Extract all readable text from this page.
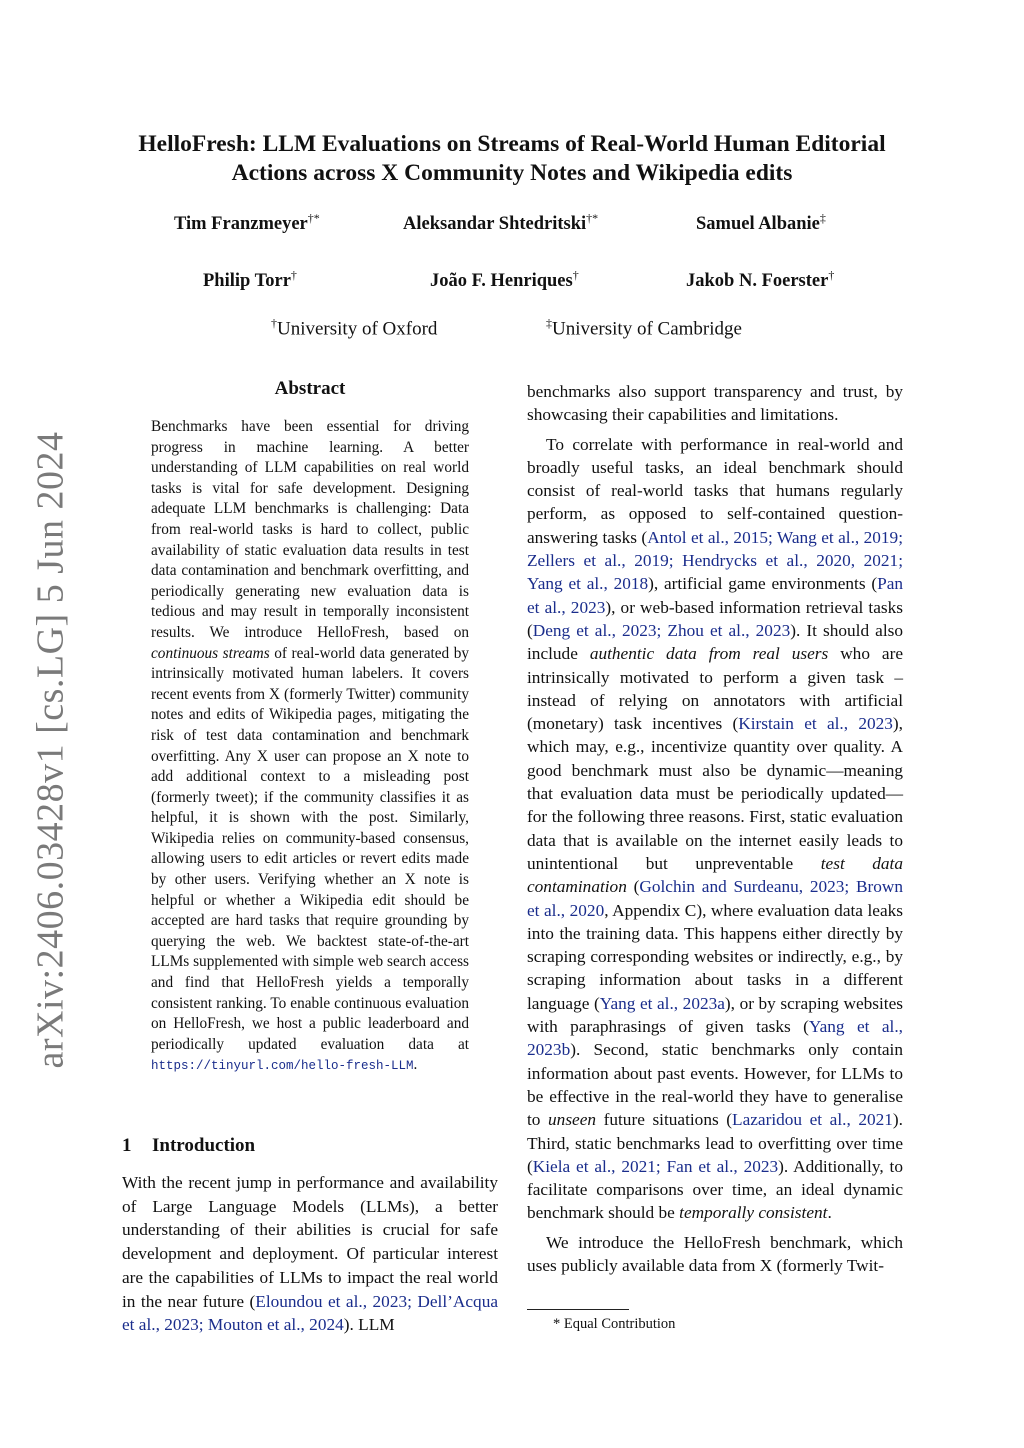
arXiv:2406.03428v1 [cs.LG] 5 Jun 2024
HelloFresh: LLM Evaluations on Streams of Real-World Human Editorial
Actions across X Community Notes and Wikipedia edits
Tim Franzmeyer†*	Aleksandar Shtedritski†*	Samuel Albanie‡
Philip Torr†	João F. Henriques†	Jakob N. Foerster†
†University of Oxford	‡University of Cambridge
Abstract
Benchmarks have been essential for driving progress in machine learning. A better understanding of LLM capabilities on real world tasks is vital for safe development. Designing adequate LLM benchmarks is challenging: Data from real-world tasks is hard to collect, public availability of static evaluation data results in test data contamination and benchmark overfitting, and periodically generating new evaluation data is tedious and may result in temporally inconsistent results. We introduce HelloFresh, based on continuous streams of real-world data generated by intrinsically motivated human labelers. It covers recent events from X (formerly Twitter) community notes and edits of Wikipedia pages, mitigating the risk of test data contamination and benchmark overfitting. Any X user can propose an X note to add additional context to a misleading post (formerly tweet); if the community classifies it as helpful, it is shown with the post. Similarly, Wikipedia relies on community-based consensus, allowing users to edit articles or revert edits made by other users. Verifying whether an X note is helpful or whether a Wikipedia edit should be accepted are hard tasks that require grounding by querying the web. We backtest state-of-the-art LLMs supplemented with simple web search access and find that HelloFresh yields a temporally consistent ranking. To enable continuous evaluation on HelloFresh, we host a public leaderboard and periodically updated evaluation data at https://tinyurl.com/hello-fresh-LLM.
1 Introduction
With the recent jump in performance and availability of Large Language Models (LLMs), a better understanding of their abilities is crucial for safe development and deployment. Of particular interest are the capabilities of LLMs to impact the real world in the near future (Eloundou et al., 2023; Dell’Acqua et al., 2023; Mouton et al., 2024). LLM

benchmarks also support transparency and trust, by showcasing their capabilities and limitations.

To correlate with performance in real-world and broadly useful tasks, an ideal benchmark should consist of real-world tasks that humans regularly perform, as opposed to self-contained question-answering tasks (Antol et al., 2015; Wang et al., 2019; Zellers et al., 2019; Hendrycks et al., 2020, 2021; Yang et al., 2018), artificial game environments (Pan et al., 2023), or web-based information retrieval tasks (Deng et al., 2023; Zhou et al., 2023). It should also include authentic data from real users who are intrinsically motivated to perform a given task – instead of relying on annotators with artificial (monetary) task incentives (Kirstain et al., 2023), which may, e.g., incentivize quantity over quality. A good benchmark must also be dynamic—meaning that evaluation data must be periodically updated—for the following three reasons. First, static evaluation data that is available on the internet easily leads to unintentional but unpreventable test data contamination (Golchin and Surdeanu, 2023; Brown et al., 2020, Appendix C), where evaluation data leaks into the training data. This happens either directly by scraping corresponding websites or indirectly, e.g., by scraping information about tasks in a different language (Yang et al., 2023a), or by scraping websites with paraphrasings of given tasks (Yang et al., 2023b). Second, static benchmarks only contain information about past events. However, for LLMs to be effective in the real-world they have to generalise to unseen future situations (Lazaridou et al., 2021). Third, static benchmarks lead to overfitting over time (Kiela et al., 2021; Fan et al., 2023). Additionally, to facilitate comparisons over time, an ideal dynamic benchmark should be temporally consistent.

We introduce the HelloFresh benchmark, which uses publicly available data from X (formerly Twit-

* Equal Contribution
